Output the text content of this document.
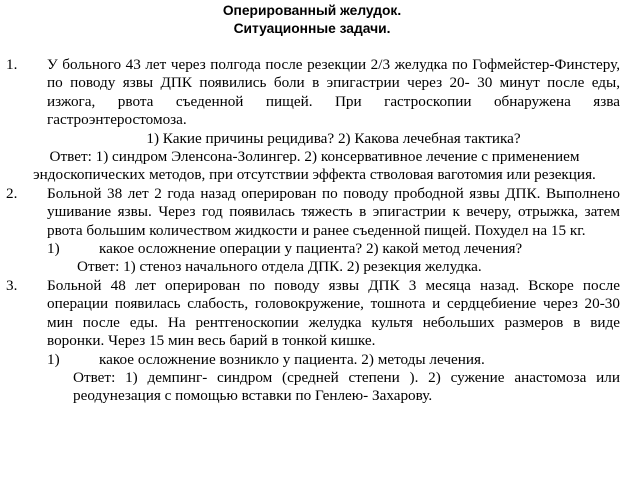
Оперированный желудок.
Ситуационные задачи.
1. У больного 43 лет через полгода после резекции 2/3 желудка по Гофмейстер-Финстеру, по поводу язвы ДПК появились боли в эпигастрии через 20- 30 минут после еды, изжога, рвота съеденной пищей. При гастроскопии обнаружена язва гастроэнтеростомоза.
1) Какие причины рецидива? 2) Какова лечебная тактика?
Ответ: 1) синдром Эленсона-Золингер. 2) консервативное лечение с применением эндоскопических методов, при отсутствии эффекта стволовая ваготомия или резекция.
2. Больной 38 лет 2 года назад оперирован по поводу прободной язвы ДПК. Выполнено ушивание язвы. Через год появилась тяжесть в эпигастрии к вечеру, отрыжка, затем рвота большим количеством жидкости и ранее съеденной пищей. Похудел на 15 кг.
1)	какое осложнение операции у пациента? 2) какой метод лечения?
Ответ: 1) стеноз начального отдела ДПК. 2) резекция желудка.
3. Больной 48 лет оперирован по поводу язвы ДПК 3 месяца назад. Вскоре после операции появилась слабость, головокружение, тошнота и сердцебиение через 20-30 мин после еды. На рентгеноскопии желудка культя небольших размеров в виде воронки. Через 15 мин весь барий в тонкой кишке.
1)	какое осложнение возникло у пациента. 2) методы лечения.
Ответ: 1) демпинг- синдром (средней степени ). 2) сужение анастомоза или реодунезация с помощью вставки по Генлею- Захарову.
